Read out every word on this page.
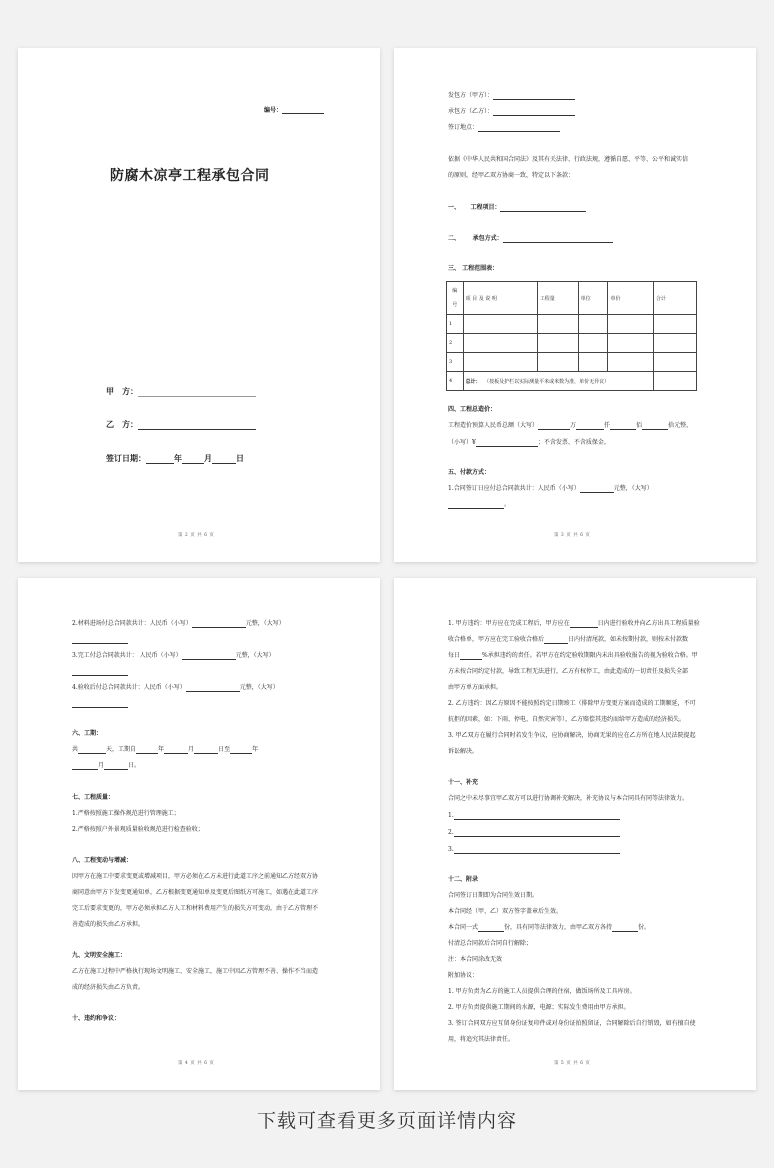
编号：
防腐木凉亭工程承包合同
甲　方：
乙　方：
签订日期：	年	月	日
第 2 页 共 6 页
发包方（甲方）：
承包方（乙方）：
签订地点：
依据《中华人民共和国合同法》及其有关法律、行政法规，遵循自愿、平等、公平和诚实信
的原则，经甲乙双方协商一致，特定以下条款：
一、 工程项目：
二、 承包方式：
三、 工程范围表：
编
号	项 目 及 说 明	工程量	单位	单价	合计
1					
2					
3					
4	总计： （按板及护栏以实际测量平米或米数为准，单价无异议）				
四、工程总造价：
工程造价预算人民币总额（大写）	万	仟	佰	拾元整，
（小写）¥	；不含发票、不含质保金。
五、付款方式：
1.合同签订日应付总合同款共计：人民币（小写）	元整，（大写）
。
第 3 页 共 6 页
2.材料进场付总合同款共计：人民币（小写）	元整，（大写）
3.完工付总合同款共计： 人民币（小写）	元整，（大写）
4.验收后付总合同款共计：人民币（小写）	元整，（大写）
六、工期：
共	天，工期自	年	月	日至	年
月	日。
七、工程质量：
1.严格按照施工操作规范进行管理施工；
2.严格按照户外景观质量验收规范进行检查验收；
八、工程变动与增减：
因甲方在施工中要求变更或增减项目，甲方必须在乙方未进行此道工序之前通知乙方经双方协
商同意由甲方下发变更通知单，乙方根据变更通知单及变更后图纸方可施工，如遇在此道工序
完工后要求变更的，甲方必须承担乙方人工和材料费用产生的损失方可变动，由于乙方管理不
善造成的损失由乙方承担。
九、文明安全施工：
乙方在施工过程中严格执行现场文明施工、安全施工，施工中因乙方管理不善、操作不当而造
成的经济损失由乙方负责。
十、违约和争议：
第 4 页 共 6 页
1. 甲方违约：甲方应在完成工程后，甲方应在	日内进行验收并向乙方出具工程质量验
收合格单，甲方应在完工验收合格后	日内付清尾款，如未按期付款，则按未付款数
每日	%承担违约的责任。若甲方在约定验收期限内未出具验收报告的视为验收合格。甲
方未按合同约定付款，导致工程无法进行，乙方有权停工，由此造成的一切责任及损失全部
由甲方单方面承担。
2. 乙方违约：因乙方原因不能按照约定日期竣工（排除甲方变更方案而造成的工期顺延，不可
抗拒的因素，如：下雨、停电、自然灾害等），乙方赔偿其违约而给甲方造成的经济损失。
3. 甲乙双方在履行合同时若发生争议，应协商解决，协商无果的应在乙方所在地人民法院提起
诉讼解决。
十一、补充
合同之中未尽事宜甲乙双方可以进行协调补充解决，补充协议与本合同具有同等法律效力。
1.
2.
3.
十二、附录
合同签订日期即为合同生效日期。
本合同经（甲、乙）双方签字盖章后生效。
本合同一式	份，具有同等法律效力，由甲乙双方各持	份。
付清总合同款后合同自行解除；
注：本合同涂改无效
附加协议：
1. 甲方负责为乙方的施工人员提供合理的住宿，做饭场所及工具库房。
2. 甲方负责提供施工期间的水源，电源；实际发生费用由甲方承担。
3. 签订合同双方应互留身份证复印件或对身份证拍照留证，合同解除后自行销毁，如有擅自使
用，将追究其法律责任。
第 5 页 共 6 页
下载可查看更多页面详情内容
